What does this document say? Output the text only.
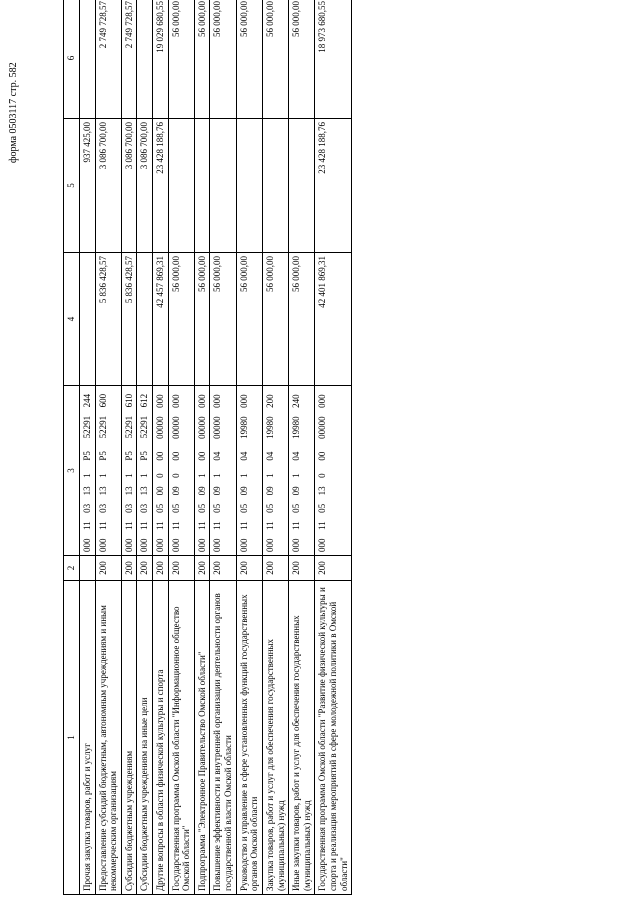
форма 0503117 стр. 582
1	2	3	4	5	6
Прочая закупка товаров, работ и услуг		000  11  03  13  1   P5   52291  244		937 425,00	
Предоставление субсидий бюджетным, автономным учреждениям и иным некоммерческим организациям	200	000  11  03  13  1   P5   52291  600	5 836 428,57	3 086 700,00	2 749 728,57
Субсидии бюджетным учреждениям	200	000  11  03  13  1   P5   52291  610	5 836 428,57	3 086 700,00	2 749 728,57
Субсидии бюджетным учреждениям на иные цели	200	000  11  03  13  1   P5   52291  612		3 086 700,00	
Другие вопросы в области физической культуры и спорта	200	000  11  05  00  0   00   00000  000	42 457 869,31	23 428 188,76	19 029 680,55
Государственная программа Омской области "Информационное общество Омской области"	200	000  11  05  09  0   00   00000  000	56 000,00		56 000,00
Подпрограмма "Электронное Правительство Омской области"	200	000  11  05  09  1   00   00000  000	56 000,00		56 000,00
Повышение эффективности и внутренней организации деятельности органов государственной власти Омской области	200	000  11  05  09  1   04   00000  000	56 000,00		56 000,00
Руководство и управление в сфере установленных функций государственных органов Омской области	200	000  11  05  09  1   04   19980  000	56 000,00		56 000,00
Закупка товаров, работ и услуг для обеспечения государственных (муниципальных) нужд	200	000  11  05  09  1   04   19980  200	56 000,00		56 000,00
Иные закупки товаров, работ и услуг для обеспечения государственных (муниципальных) нужд	200	000  11  05  09  1   04   19980  240	56 000,00		56 000,00
Государственная программа Омской области "Развитие физической культуры и спорта и реализация мероприятий в сфере молодежной политики в Омской области"	200	000  11  05  13  0   00   00000  000	42 401 869,31	23 428 188,76	18 973 680,55
